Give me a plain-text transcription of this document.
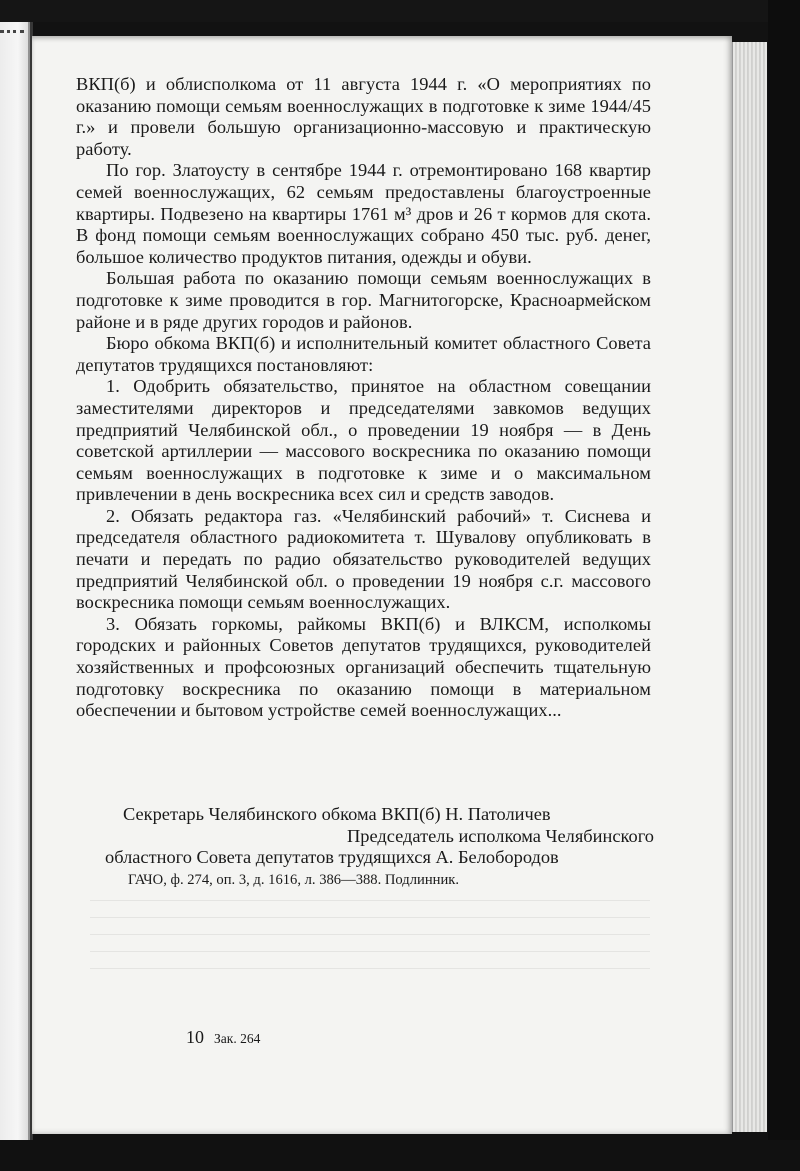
ВКП(б) и облисполкома от 11 августа 1944 г. «О мероприятиях по оказанию помощи семьям военнослужащих в подготовке к зиме 1944/45 г.» и провели большую организационно-массовую и практическую работу.

По гор. Златоусту в сентябре 1944 г. отремонтировано 168 квартир семей военнослужащих, 62 семьям предоставлены благоустроенные квартиры. Подвезено на квартиры 1761 м³ дров и 26 т кормов для скота. В фонд помощи семьям военнослужащих собрано 450 тыс. руб. денег, большое количество продуктов питания, одежды и обуви.

Большая работа по оказанию помощи семьям военнослужащих в подготовке к зиме проводится в гор. Магнитогорске, Красноармейском районе и в ряде других городов и районов.

Бюро обкома ВКП(б) и исполнительный комитет областного Совета депутатов трудящихся постановляют:

1. Одобрить обязательство, принятое на областном совещании заместителями директоров и председателями завкомов ведущих предприятий Челябинской обл., о проведении 19 ноября — в День советской артиллерии — массового воскресника по оказанию помощи семьям военнослужащих в подготовке к зиме и о максимальном привлечении в день воскресника всех сил и средств заводов.

2. Обязать редактора газ. «Челябинский рабочий» т. Сиснева и председателя областного радиокомитета т. Шувалову опубликовать в печати и передать по радио обязательство руководителей ведущих предприятий Челябинской обл. о проведении 19 ноября с.г. массового воскресника помощи семьям военнослужащих.

3. Обязать горкомы, райкомы ВКП(б) и ВЛКСМ, исполкомы городских и районных Советов депутатов трудящихся, руководителей хозяйственных и профсоюзных организаций обеспечить тщательную подготовку воскресника по оказанию помощи в материальном обеспечении и бытовом устройстве семей военнослужащих...

Секретарь Челябинского обкома ВКП(б) Н. Патоличев
Председатель исполкома Челябинского
областного Совета депутатов трудящихся А. Белобородов
ГАЧО, ф. 274, оп. 3, д. 1616, л. 386—388. Подлинник.
10 Зак. 264
